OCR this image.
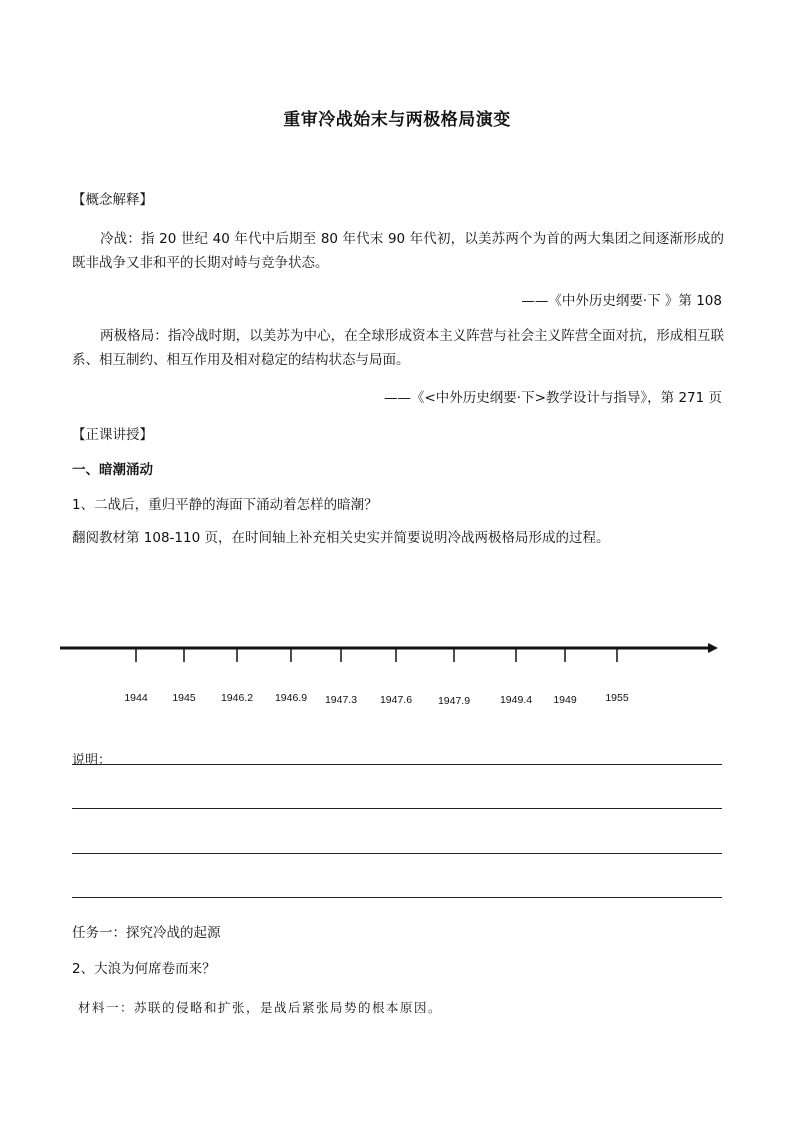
重审冷战始末与两极格局演变
【概念解释】
冷战：指 20 世纪 40 年代中后期至 80 年代末 90 年代初，以美苏两个为首的两大集团之间逐渐形成的既非战争又非和平的长期对峙与竞争状态。
——《中外历史纲要·下 》第 108
两极格局：指冷战时期，以美苏为中心，在全球形成资本主义阵营与社会主义阵营全面对抗，形成相互联系、相互制约、相互作用及相对稳定的结构状态与局面。
——《<中外历史纲要·下>教学设计与指导》，第 271 页
【正课讲授】
一、暗潮涌动
1、二战后，重归平静的海面下涌动着怎样的暗潮？
翻阅教材第 108-110 页，在时间轴上补充相关史实并简要说明冷战两极格局形成的过程。
1944 1945 1946.2 1946.9 1947.3 1947.6 1947.9	1949.4 1949	1955
说明：
任务一：探究冷战的起源
2、大浪为何席卷而来？
材料一：苏联的侵略和扩张，是战后紧张局势的根本原因。
